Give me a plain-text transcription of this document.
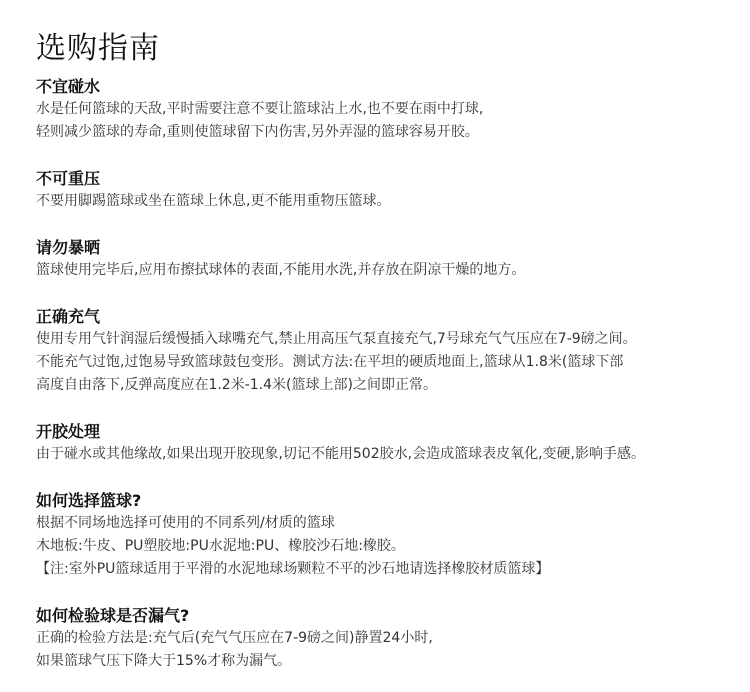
选购指南
不宜碰水

水是任何篮球的天敌,平时需要注意不要让篮球沾上水,也不要在雨中打球,

轻则减少篮球的寿命,重则使篮球留下内伤害,另外弄湿的篮球容易开胶。

不可重压

不要用脚踢篮球或坐在篮球上休息,更不能用重物压篮球。

请勿暴晒

篮球使用完毕后,应用布擦拭球体的表面,不能用水洗,并存放在阴凉干燥的地方。

正确充气

使用专用气针润湿后缓慢插入球嘴充气,禁止用高压气泵直接充气,7号球充气气压应在7-9磅之间。

不能充气过饱,过饱易导致篮球鼓包变形。测试方法:在平坦的硬质地面上,篮球从1.8米(篮球下部

高度自由落下,反弹高度应在1.2米-1.4米(篮球上部)之间即正常。

开胶处理

由于碰水或其他缘故,如果出现开胶现象,切记不能用502胶水,会造成篮球表皮氧化,变硬,影响手感。

如何选择篮球?

根据不同场地选择可使用的不同系列/材质的篮球

木地板:牛皮、PU塑胶地:PU水泥地:PU、橡胶沙石地:橡胶。

【注:室外PU篮球适用于平滑的水泥地球场颗粒不平的沙石地请选择橡胶材质篮球】

如何检验球是否漏气?

正确的检验方法是:充气后(充气气压应在7-9磅之间)静置24小时,

如果篮球气压下降大于15%才称为漏气。
